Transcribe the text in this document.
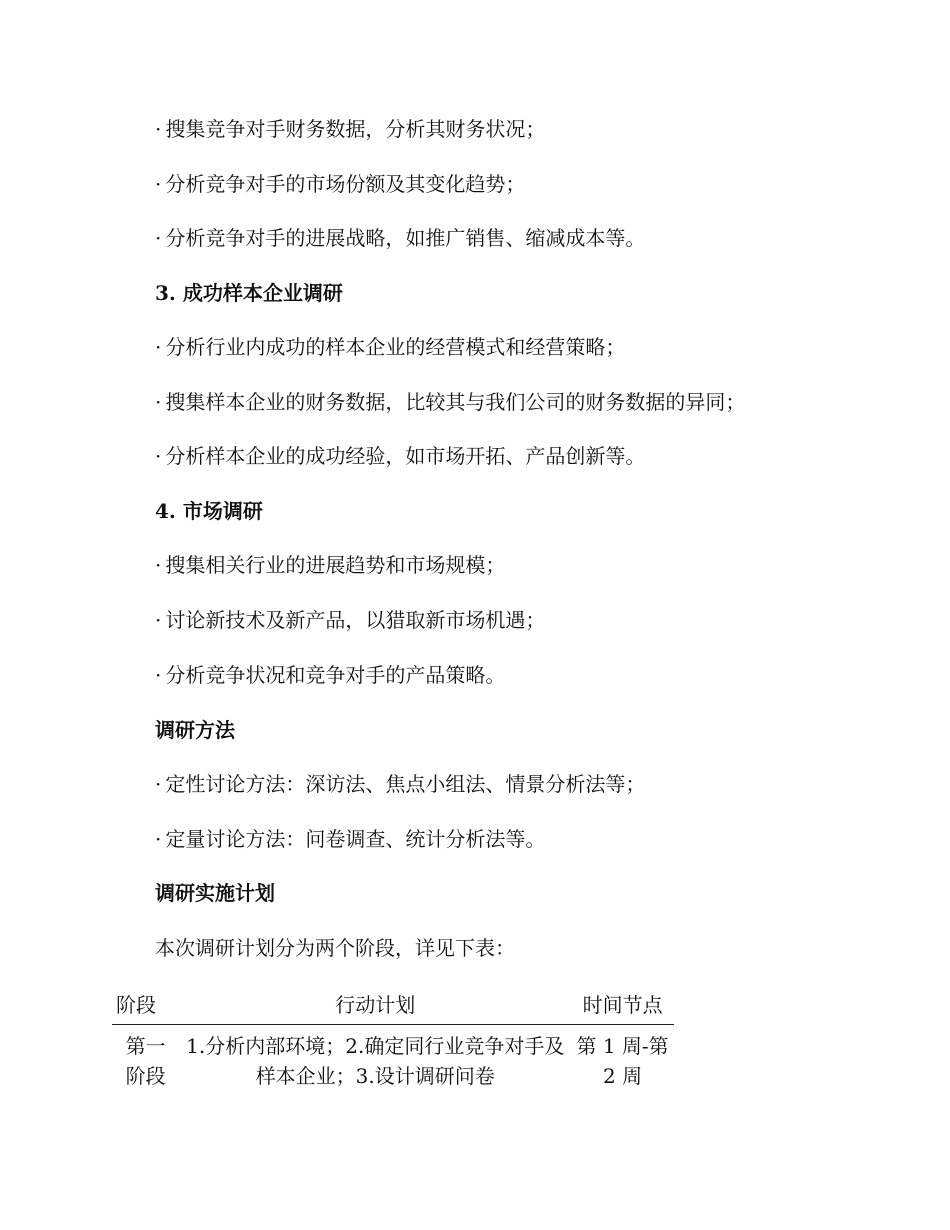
· 搜集竞争对手财务数据，分析其财务状况；
· 分析竞争对手的市场份额及其变化趋势；
· 分析竞争对手的进展战略，如推广销售、缩减成本等。
3. 成功样本企业调研
· 分析行业内成功的样本企业的经营模式和经营策略；
· 搜集样本企业的财务数据，比较其与我们公司的财务数据的异同；
· 分析样本企业的成功经验，如市场开拓、产品创新等。
4. 市场调研
· 搜集相关行业的进展趋势和市场规模；
· 讨论新技术及新产品，以猎取新市场机遇；
· 分析竞争状况和竞争对手的产品策略。
调研方法
· 定性讨论方法：深访法、焦点小组法、情景分析法等；
· 定量讨论方法：问卷调查、统计分析法等。
调研实施计划
本次调研计划分为两个阶段，详见下表：
阶段	行动计划	时间节点
第一阶段	1.分析内部环境；2.确定同行业竞争对手及样本企业；3.设计调研问卷	第 1 周-第 2 周
